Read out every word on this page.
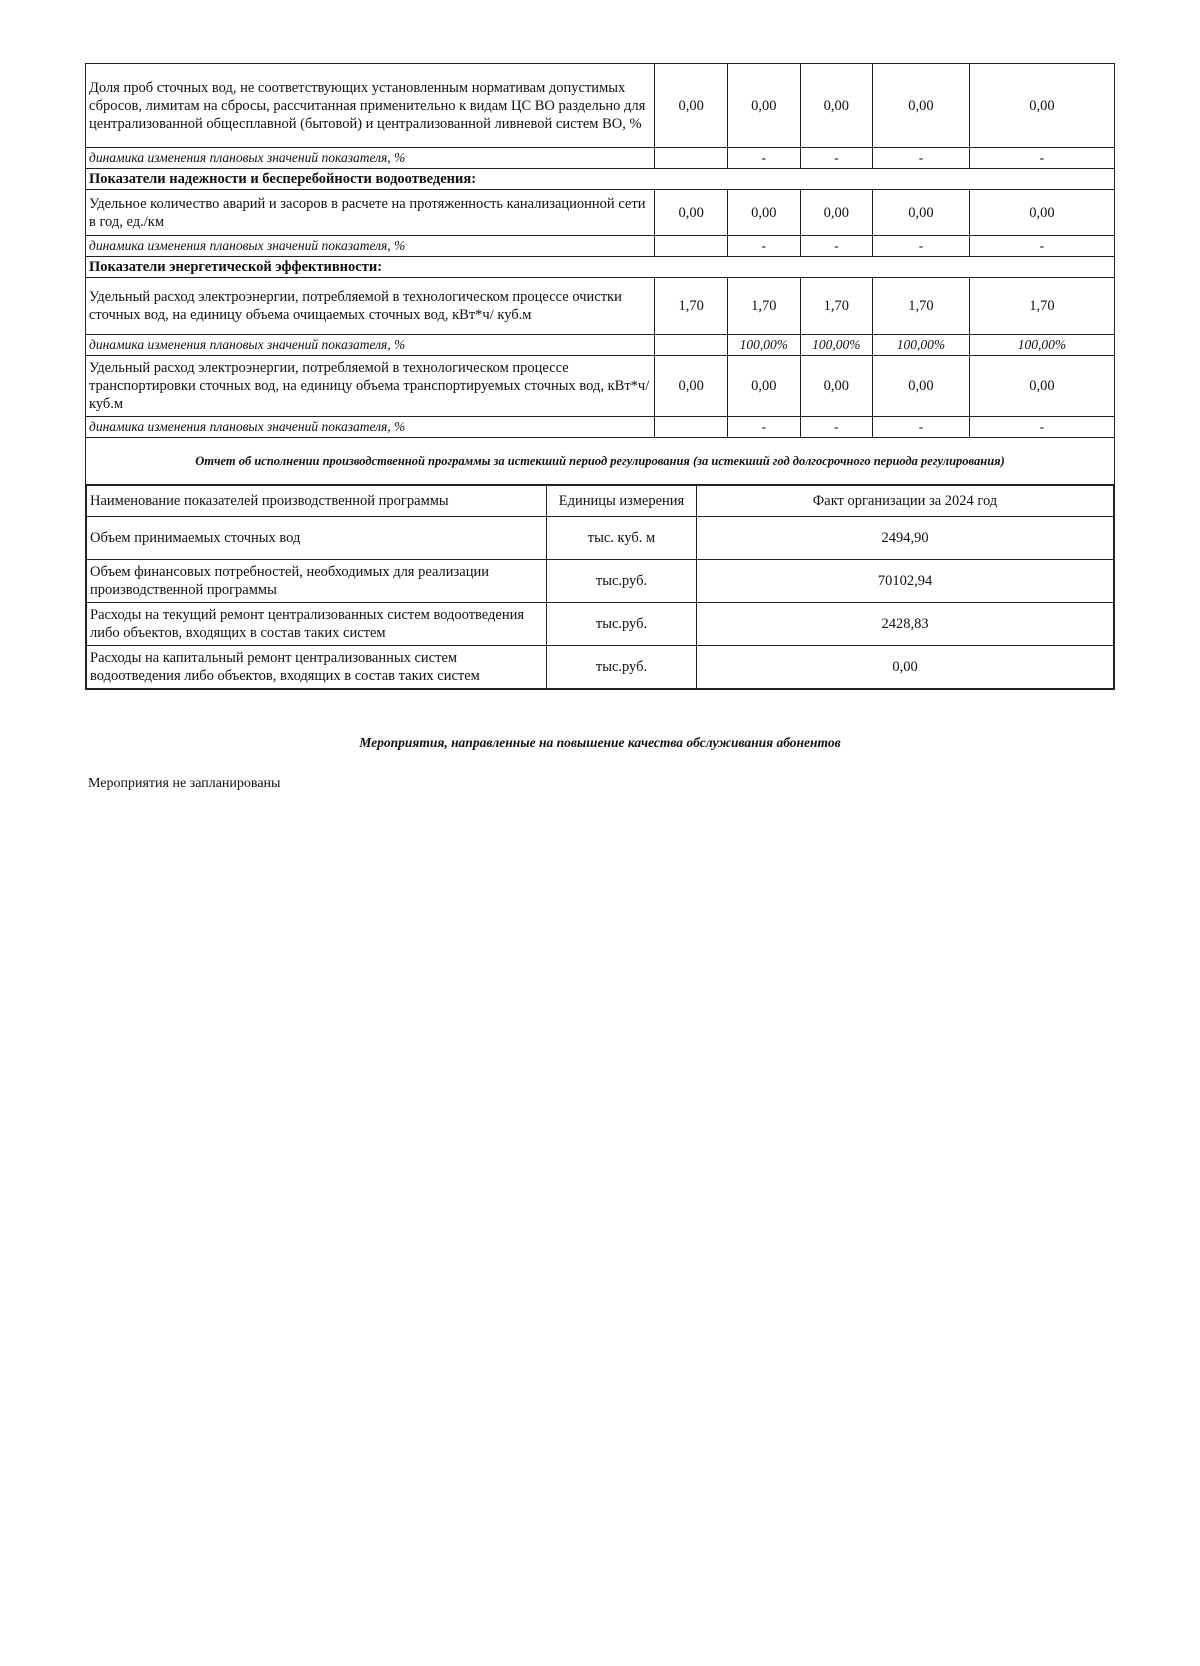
Доля проб сточных вод, не соответствующих установленным нормативам допустимых сбросов, лимитам на сбросы, рассчитанная применительно к видам ЦС ВО раздельно для централизованной общесплавной (бытовой) и централизованной ливневой систем ВО, %	0,00	0,00	0,00	0,00	0,00
динамика изменения плановых значений показателя, %		-	-	-	-
Показатели надежности и бесперебойности водоотведения:
Удельное количество аварий и засоров в расчете на протяженность канализационной сети в год, ед./км	0,00	0,00	0,00	0,00	0,00
динамика изменения плановых значений показателя, %		-	-	-	-
Показатели энергетической эффективности:
Удельный расход электроэнергии, потребляемой в технологическом процессе очистки сточных вод, на единицу объема очищаемых сточных вод, кВт*ч/ куб.м	1,70	1,70	1,70	1,70	1,70
динамика изменения плановых значений показателя, %		100,00%	100,00%	100,00%	100,00%
Удельный расход электроэнергии, потребляемой в технологическом процессе транспортировки сточных вод, на единицу объема транспортируемых сточных вод, кВт*ч/ куб.м	0,00	0,00	0,00	0,00	0,00
динамика изменения плановых значений показателя, %		-	-	-	-
Отчет об исполнении производственной программы за истекший период регулирования (за истекший год долгосрочного периода регулирования)

Наименование показателей производственной программы	Единицы измерения	Факт организации за 2024 год
Объем принимаемых сточных вод	тыс. куб. м	2494,90
Объем финансовых потребностей, необходимых для реализации производственной программы	тыс.руб.	70102,94
Расходы на текущий ремонт централизованных систем водоотведения либо объектов, входящих в состав таких систем	тыс.руб.	2428,83
Расходы на капитальный ремонт централизованных систем водоотведения либо объектов, входящих в состав таких систем	тыс.руб.	0,00
Мероприятия, направленные на повышение качества обслуживания абонентов
Мероприятия не запланированы
